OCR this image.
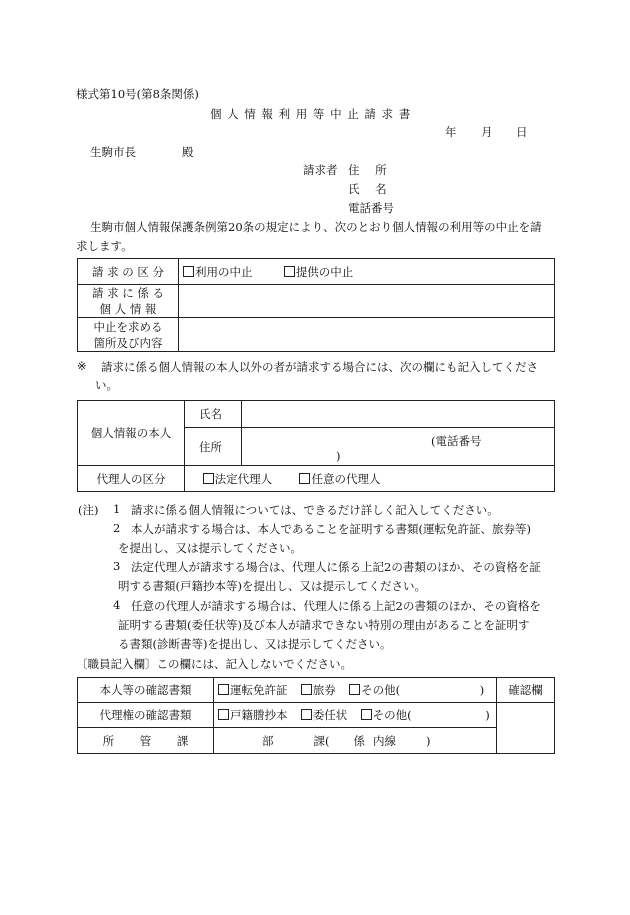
様式第10号(第8条関係)
個 人 情 報 利 用 等 中 止 請 求 書
年 月 日
生駒市長	殿
請求者 住 所
氏 名
電話番号
生駒市個人情報保護条例第20条の規定により、次のとおり個人情報の利用等の中止を請
求します。
請 求 の 区 分	利用の中止 提供の中止

請 求 に 係 る
個 人 情 報	

中止を求める
箇所及び内容	

※ 請求に係る個人情報の本人以外の者が請求する場合には、次の欄にも記入してくださ
い。
個人情報の本人	氏名	
	住所	(電話番号)
代理人の区分	法定代理人 任意の代理人	
(注) 1 請求に係る個人情報については、できるだけ詳しく記入してください。
2 本人が請求する場合は、本人であることを証明する書類(運転免許証、旅券等)
を提出し、又は提示してください。
3 法定代理人が請求する場合は、代理人に係る上記2の書類のほか、その資格を証
明する書類(戸籍抄本等)を提出し、又は提示してください。
4 任意の代理人が請求する場合は、代理人に係る上記2の書類のほか、その資格を
証明する書類(委任状等)及び本人が請求できない特別の理由があることを証明す
る書類(診断書等)を提出し、又は提示してください。
〔職員記入欄〕この欄には、記入しないでください。
本人等の確認書類	運転免許証 旅券 その他( )	確認欄
代理権の確認書類	戸籍謄抄本 委任状 その他( )	
所 管 課	部 課( 係 内線 )	
